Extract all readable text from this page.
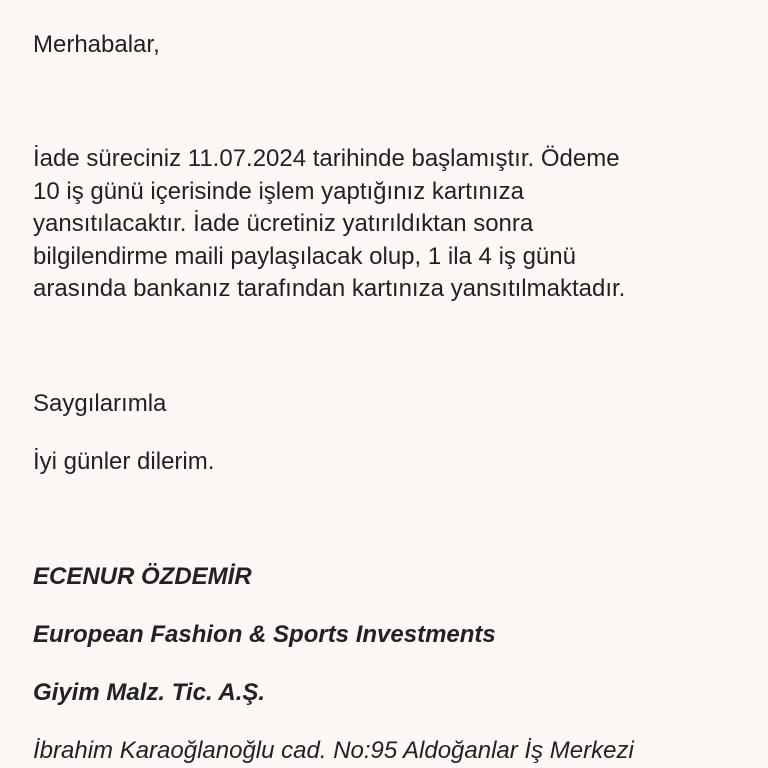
Merhabalar,

İade süreciniz 11.07.2024 tarihinde başlamıştır. Ödeme
10 iş günü içerisinde işlem yaptığınız kartınıza
yansıtılacaktır. İade ücretiniz yatırıldıktan sonra
bilgilendirme maili paylaşılacak olup, 1 ila 4 iş günü
arasında bankanız tarafından kartınıza yansıtılmaktadır.

Saygılarımla

İyi günler dilerim.

ECENUR ÖZDEMİR

European Fashion & Sports Investments

Giyim Malz. Tic. A.Ş.

İbrahim Karaoğlanoğlu cad. No:95 Aldoğanlar İş Merkezi
